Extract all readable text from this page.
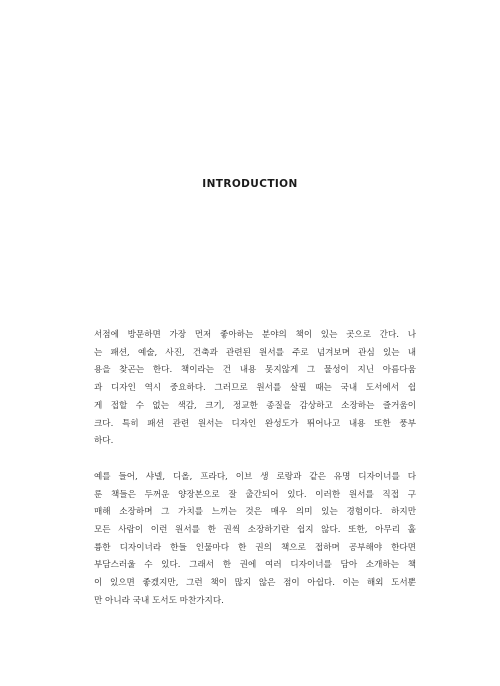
INTRODUCTION

서점에 방문하면 가장 먼저 좋아하는 분야의 책이 있는 곳으로 간다. 나
는 패션, 예술, 사진, 건축과 관련된 원서를 주로 넘겨보며 관심 있는 내
용을 찾곤는 한다. 책이라는 건 내용 못지않게 그 물성이 지닌 아름다움
과 디자인 역시 중요하다. 그러므로 원서를 살필 때는 국내 도서에서 쉽
게 접할 수 없는 색감, 크기, 정교한 종질을 감상하고 소장하는 즐거움이
크다. 특히 패션 관련 원서는 디자인 완성도가 뛰어나고 내용 또한 풍부
하다.

예를 들어, 샤넬, 디올, 프라다, 이브 생 로랑과 같은 유명 디자이너를 다
룬 책들은 두꺼운 양장본으로 잘 출간되어 있다. 이러한 원서를 직접 구
매해 소장하며 그 가치를 느끼는 것은 매우 의미 있는 경험이다. 하지만
모든 사람이 이런 원서를 한 권씩 소장하기란 쉽지 않다. 또한, 아무리 훌
륭한 디자이너라 한들 인물마다 한 권의 책으로 접하며 공부해야 한다면
부담스러울 수 있다. 그래서 한 권에 여러 디자이너를 담아 소개하는 책
이 있으면 좋겠지만, 그런 책이 많지 않은 점이 아쉽다. 이는 해외 도서뿐
만 아니라 국내 도서도 마찬가지다.
